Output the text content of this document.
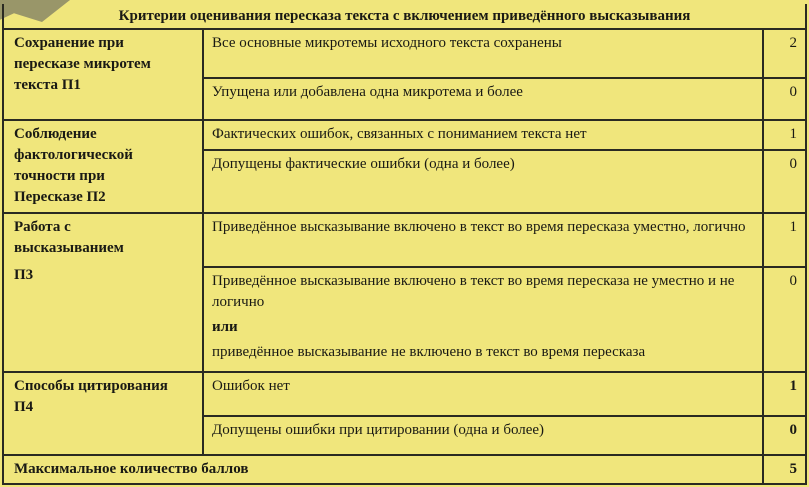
Критерии оценивания пересказа текста с включением приведённого высказывания		

Сохранение при
пересказе микротем
текста П1	Все основные микротемы исходного текста сохранены	2
	Упущена или добавлена одна микротема и более	0

Соблюдение
фактологической
точности при
Пересказе П2	Фактических ошибок, связанных с пониманием текста нет	1
	Допущены фактические ошибки (одна и более)	0

Работа с
высказыванием
П3	Приведённое высказывание включено в текст во время пересказа уместно, логично	1

	Приведённое высказывание включено в текст во время пересказа не уместно и не логично
или
приведённое высказывание не включено в текст во время пересказа	0

Способы цитирования
П4	Ошибок нет	1
	Допущены ошибки при цитировании (одна и более)	0
Максимальное количество баллов		5
